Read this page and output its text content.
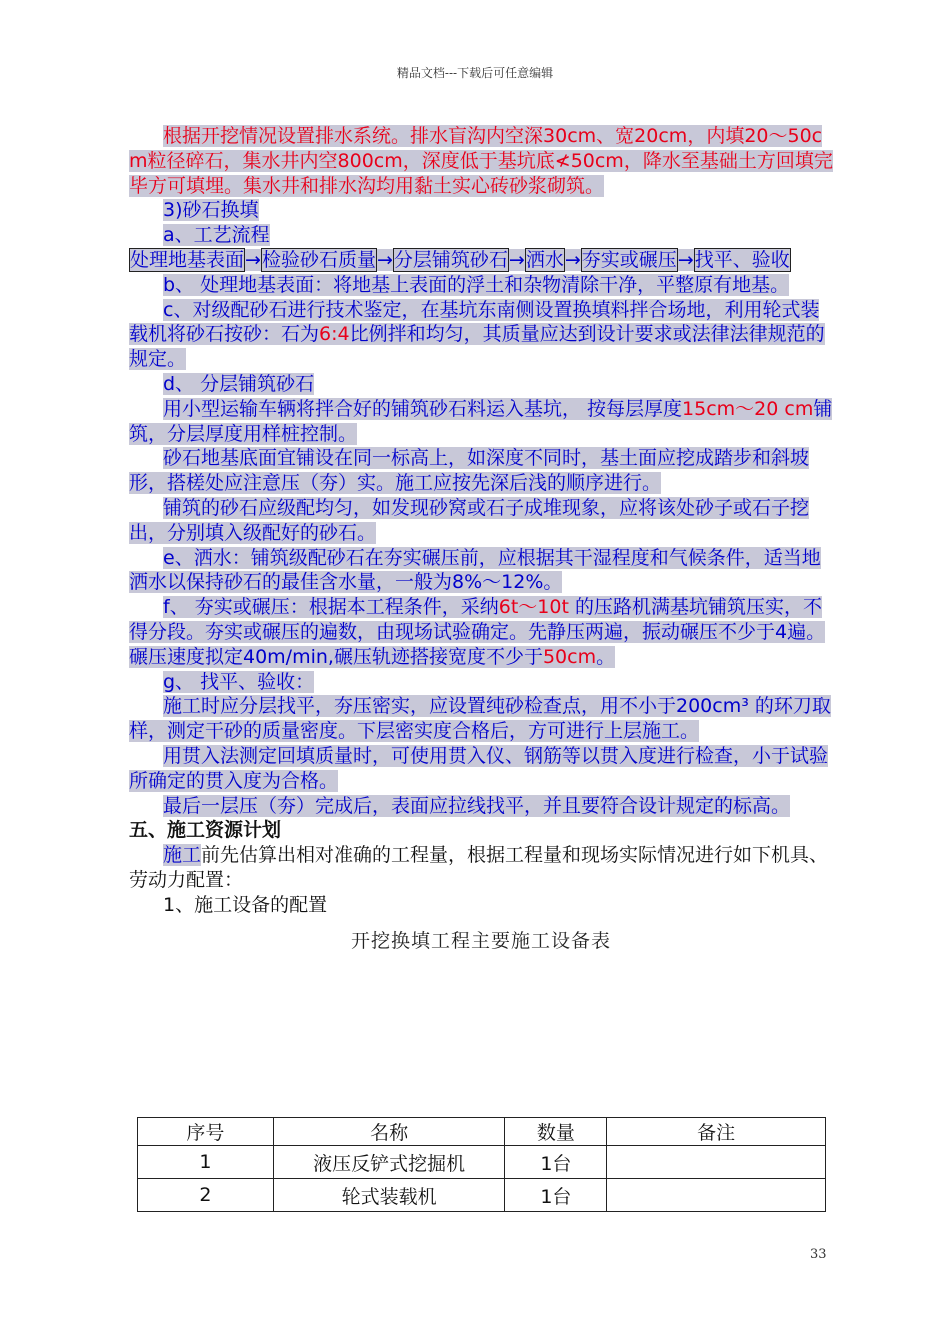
精品文档---下载后可任意编辑

根据开挖情况设置排水系统。排水盲沟内空深30cm、宽20cm，内填20～50cm粒径碎石，集水井内空800cm，深度低于基坑底≮50cm，降水至基础土方回填完毕方可填埋。集水井和排水沟均用黏土实心砖砂浆砌筑。

3)砂石换填

a、工艺流程

处理地基表面→检验砂石质量→分层铺筑砂石→洒水→夯实或碾压→找平、验收

b、 处理地基表面：将地基上表面的浮土和杂物清除干净，平整原有地基。

c、对级配砂石进行技术鉴定，在基坑东南侧设置换填料拌合场地，利用轮式装载机将砂石按砂：石为6:4比例拌和均匀，其质量应达到设计要求或法律法律规范的规定。

d、 分层铺筑砂石

用小型运输车辆将拌合好的铺筑砂石料运入基坑， 按每层厚度15cm～20 cm铺筑，分层厚度用样桩控制。

砂石地基底面宜铺设在同一标高上，如深度不同时，基土面应挖成踏步和斜坡形，搭槎处应注意压（夯）实。施工应按先深后浅的顺序进行。

铺筑的砂石应级配均匀，如发现砂窝或石子成堆现象，应将该处砂子或石子挖出，分别填入级配好的砂石。

e、洒水：铺筑级配砂石在夯实碾压前，应根据其干湿程度和气候条件，适当地洒水以保持砂石的最佳含水量，一般为8%～12%。

f、 夯实或碾压：根据本工程条件，采纳6t～10t 的压路机满基坑铺筑压实，不得分段。夯实或碾压的遍数，由现场试验确定。先静压两遍，振动碾压不少于4遍。碾压速度拟定40m/min,碾压轨迹搭接宽度不少于50cm。

g、 找平、验收：

施工时应分层找平，夯压密实，应设置纯砂检查点，用不小于200cm³ 的环刀取样，测定干砂的质量密度。下层密实度合格后，方可进行上层施工。

用贯入法测定回填质量时，可使用贯入仪、钢筋等以贯入度进行检查，小于试验所确定的贯入度为合格。

最后一层压（夯）完成后，表面应拉线找平，并且要符合设计规定的标高。

五、施工资源计划

施工前先估算出相对准确的工程量，根据工程量和现场实际情况进行如下机具、劳动力配置：

1、施工设备的配置

开挖换填工程主要施工设备表

序号	名称	数量	备注
1	液压反铲式挖掘机	1台	
2	轮式装载机	1台	
33
